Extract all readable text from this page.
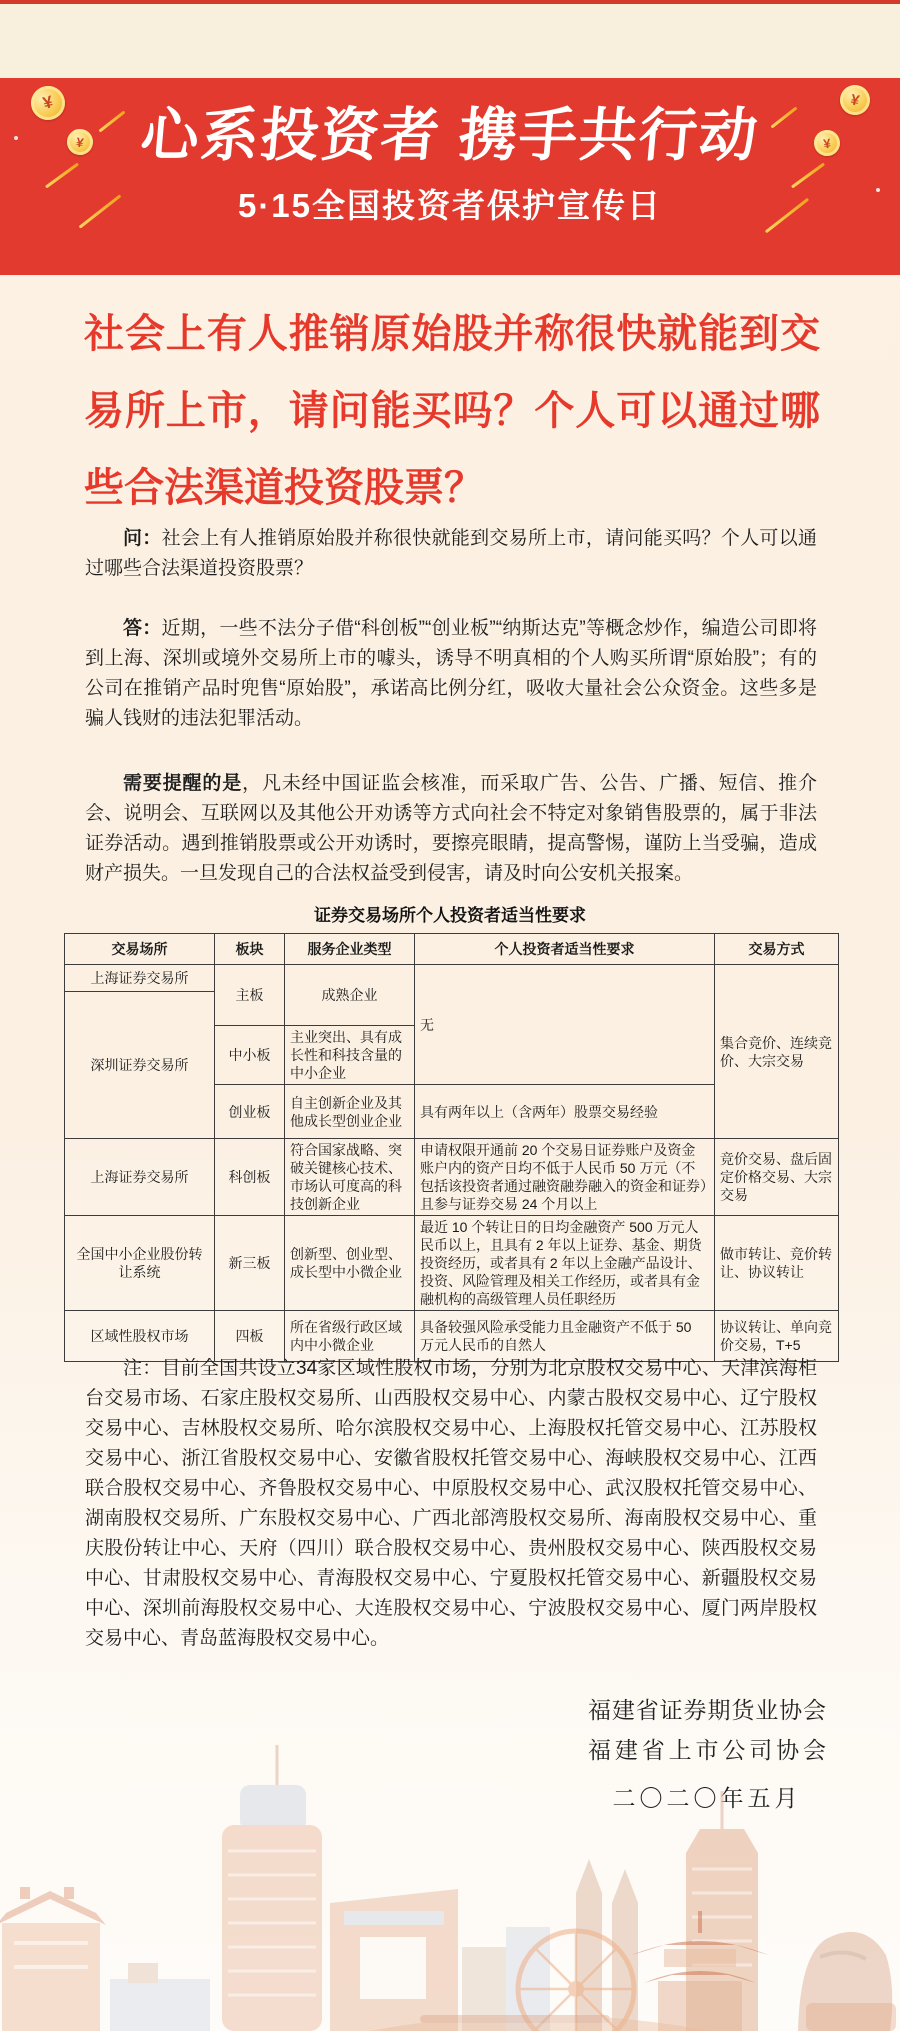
¥
¥
¥
¥
心系投资者 携手共行动
5·15全国投资者保护宣传日
社会上有人推销原始股并称很快就能到交易所上市，请问能买吗？个人可以通过哪些合法渠道投资股票？

问：社会上有人推销原始股并称很快就能到交易所上市，请问能买吗？个人可以通过哪些合法渠道投资股票？

答：近期，一些不法分子借“科创板”“创业板”“纳斯达克”等概念炒作，编造公司即将到上海、深圳或境外交易所上市的噱头，诱导不明真相的个人购买所谓“原始股”；有的公司在推销产品时兜售“原始股”，承诺高比例分红，吸收大量社会公众资金。这些多是骗人钱财的违法犯罪活动。

需要提醒的是，凡未经中国证监会核准，而采取广告、公告、广播、短信、推介会、说明会、互联网以及其他公开劝诱等方式向社会不特定对象销售股票的，属于非法证券活动。遇到推销股票或公开劝诱时，要擦亮眼睛，提高警惕，谨防上当受骗，造成财产损失。一旦发现自己的合法权益受到侵害，请及时向公安机关报案。

证券交易场所个人投资者适当性要求
交易场所	板块	服务企业类型	个人投资者适当性要求	交易方式
上海证券交易所	主板	成熟企业	无	集合竞价、连续竞价、大宗交易
深圳证券交易所				
	中小板	主业突出、具有成长性和科技含量的中小企业		
	创业板	自主创新企业及其他成长型创业企业	具有两年以上（含两年）股票交易经验	
上海证券交易所	科创板	符合国家战略、突破关键核心技术、市场认可度高的科技创新企业	申请权限开通前 20 个交易日证券账户及资金账户内的资产日均不低于人民币 50 万元（不包括该投资者通过融资融券融入的资金和证券）且参与证券交易 24 个月以上	竞价交易、盘后固定价格交易、大宗交易
全国中小企业股份转让系统	新三板	创新型、创业型、成长型中小微企业	最近 10 个转让日的日均金融资产 500 万元人民币以上，且具有 2 年以上证券、基金、期货投资经历，或者具有 2 年以上金融产品设计、投资、风险管理及相关工作经历，或者具有金融机构的高级管理人员任职经历	做市转让、竞价转让、协议转让
区域性股权市场	四板	所在省级行政区域内中小微企业	具备较强风险承受能力且金融资产不低于 50 万元人民币的自然人	协议转让、单向竞价交易，T+5

注：目前全国共设立34家区域性股权市场，分别为北京股权交易中心、天津滨海柜台交易市场、石家庄股权交易所、山西股权交易中心、内蒙古股权交易中心、辽宁股权交易中心、吉林股权交易所、哈尔滨股权交易中心、上海股权托管交易中心、江苏股权交易中心、浙江省股权交易中心、安徽省股权托管交易中心、海峡股权交易中心、江西联合股权交易中心、齐鲁股权交易中心、中原股权交易中心、武汉股权托管交易中心、湖南股权交易所、广东股权交易中心、广西北部湾股权交易所、海南股权交易中心、重庆股份转让中心、天府（四川）联合股权交易中心、贵州股权交易中心、陕西股权交易中心、甘肃股权交易中心、青海股权交易中心、宁夏股权托管交易中心、新疆股权交易中心、深圳前海股权交易中心、大连股权交易中心、宁波股权交易中心、厦门两岸股权交易中心、青岛蓝海股权交易中心。

福建省证券期货业协会
福建省上市公司协会
二〇二〇年五月
